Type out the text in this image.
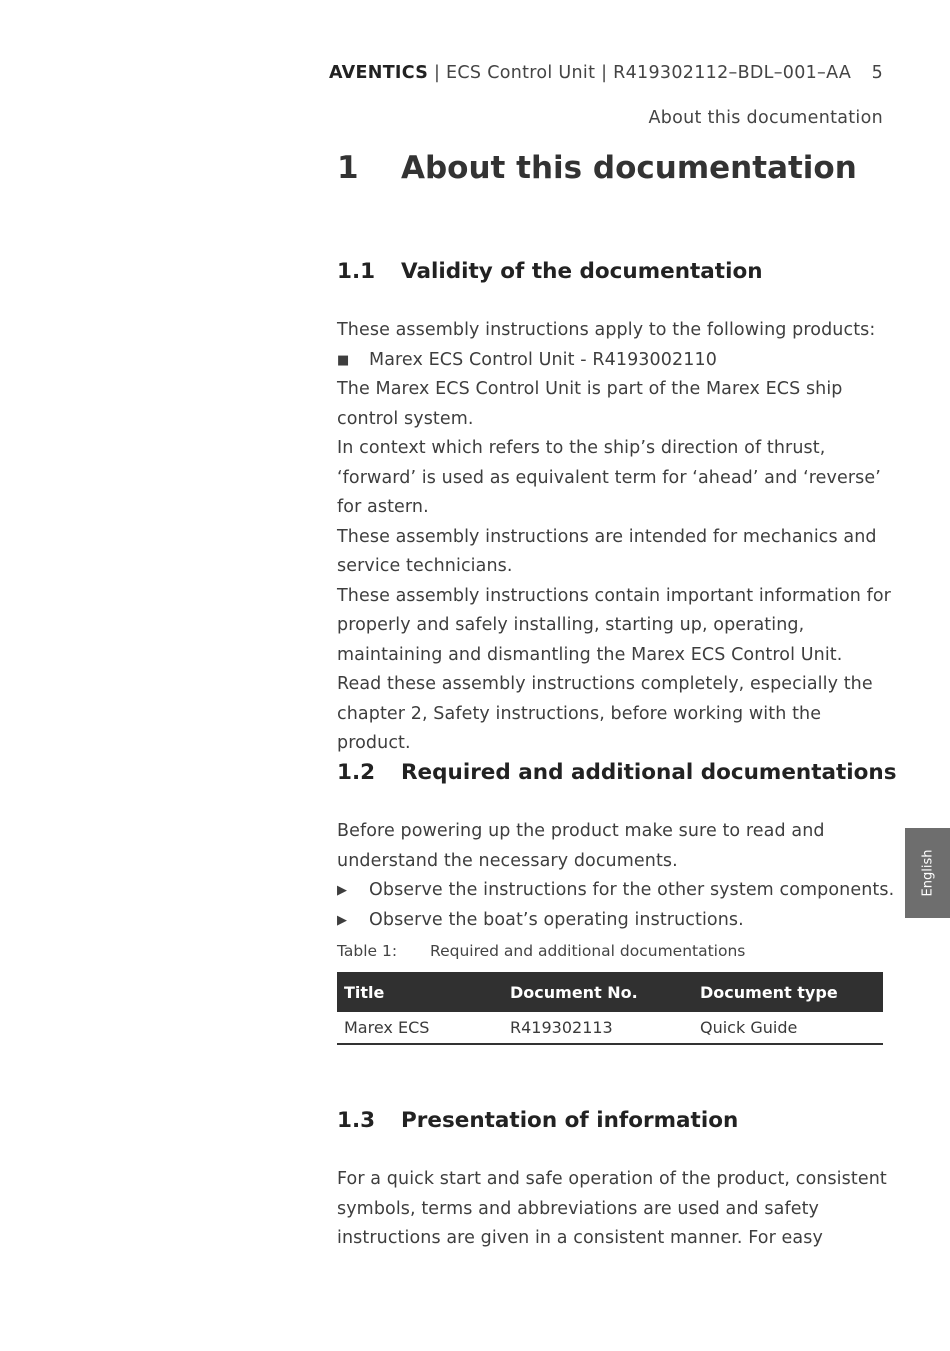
AVENTICS | ECS Control Unit | R419302112–BDL–001–AA 5
About this documentation
1	About this documentation
1.1	Validity of the documentation

These assembly instructions apply to the following products:

■	Marex ECS Control Unit - R4193002110

The Marex ECS Control Unit is part of the Marex ECS ship control system.

In context which refers to the ship’s direction of thrust, ‘forward’ is used as equivalent term for ‘ahead’ and ‘reverse’ for astern.

These assembly instructions are intended for mechanics and service technicians.

These assembly instructions contain important information for properly and safely installing, starting up, operating, maintaining and dismantling the Marex ECS Control Unit.

Read these assembly instructions completely, especially the chapter 2, Safety instructions, before working with the product.

1.2	Required and additional documentations

Before powering up the product make sure to read and understand the necessary documents.

▶	Observe the instructions for the other system components.
▶	Observe the boat’s operating instructions.
Table 1:	Required and additional documentations
Title	Document No.	Document type
Marex ECS	R419302113	Quick Guide
1.3	Presentation of information

For a quick start and safe operation of the product, consistent symbols, terms and abbreviations are used and safety instructions are given in a consistent manner. For easy

English
